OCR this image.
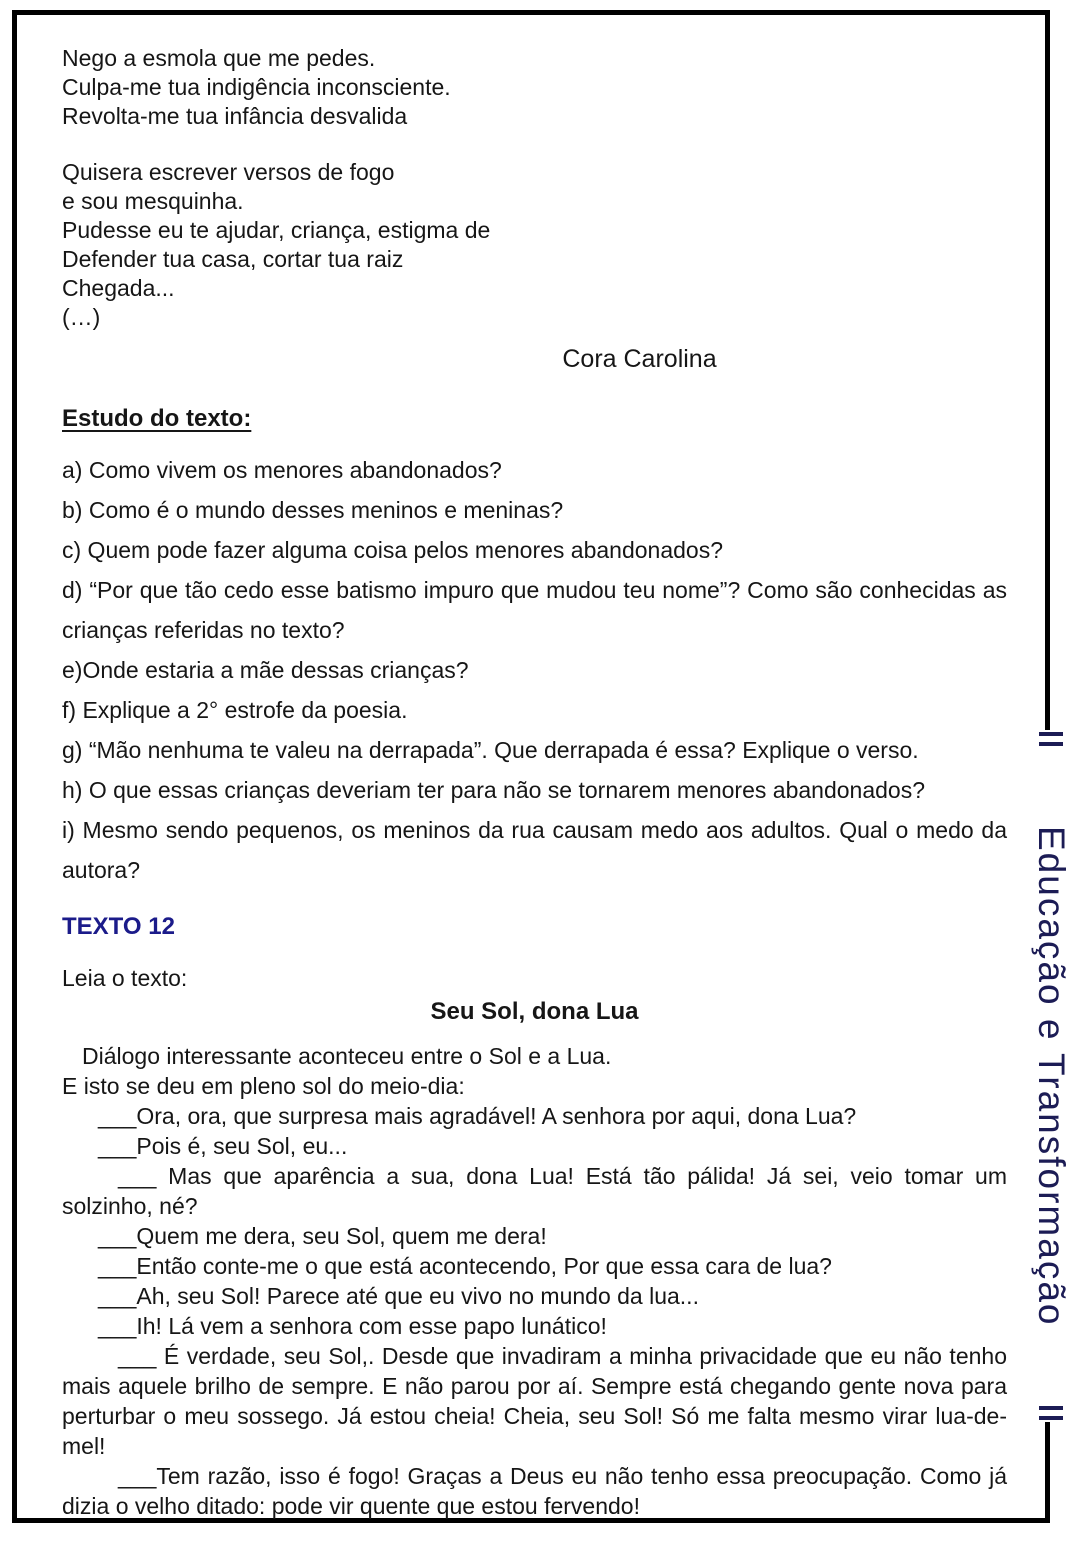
Nego a esmola que me pedes.

Culpa-me tua indigência inconsciente.

Revolta-me tua infância desvalida

Quisera escrever versos de fogo

e sou mesquinha.

Pudesse eu te ajudar, criança, estigma de

Defender tua casa, cortar tua raiz

Chegada...

(…)

Cora Carolina
Estudo do texto:

a) Como vivem os menores abandonados?

b) Como é o mundo desses meninos e meninas?

c) Quem pode fazer alguma coisa pelos menores abandonados?

d) “Por que tão cedo esse batismo impuro que mudou teu nome”? Como são conhecidas as crianças referidas no texto?

e)Onde estaria a mãe dessas crianças?

f) Explique a 2° estrofe da poesia.

g) “Mão nenhuma te valeu na derrapada”. Que derrapada é essa? Explique o verso.

h) O que essas crianças deveriam ter para não se tornarem menores abandonados?

i) Mesmo sendo pequenos, os meninos da rua causam medo aos adultos. Qual o medo da autora?

TEXTO 12
Leia o texto:
Seu Sol, dona Lua

Diálogo interessante aconteceu entre o Sol e a Lua.

E isto se deu em pleno sol do meio-dia:

___Ora, ora, que surpresa mais agradável! A senhora por aqui, dona Lua?

___Pois é, seu Sol, eu...

___ Mas que aparência a sua, dona Lua! Está tão pálida! Já sei, veio tomar um solzinho, né?

___Quem me dera, seu Sol, quem me dera!

___Então conte-me o que está acontecendo, Por que essa cara de lua?

___Ah, seu Sol! Parece até que eu vivo no mundo da lua...

___Ih! Lá vem a senhora com esse papo lunático!

___ É verdade, seu Sol,. Desde que invadiram a minha privacidade que eu não tenho mais aquele brilho de sempre. E não parou por aí. Sempre está chegando gente nova para perturbar o meu sossego. Já estou cheia! Cheia, seu Sol! Só me falta mesmo virar lua-de-mel!

___Tem razão, isso é fogo! Graças a Deus eu não tenho essa preocupação. Como já dizia o velho ditado: pode vir quente que estou fervendo!

Educação e Transformação
